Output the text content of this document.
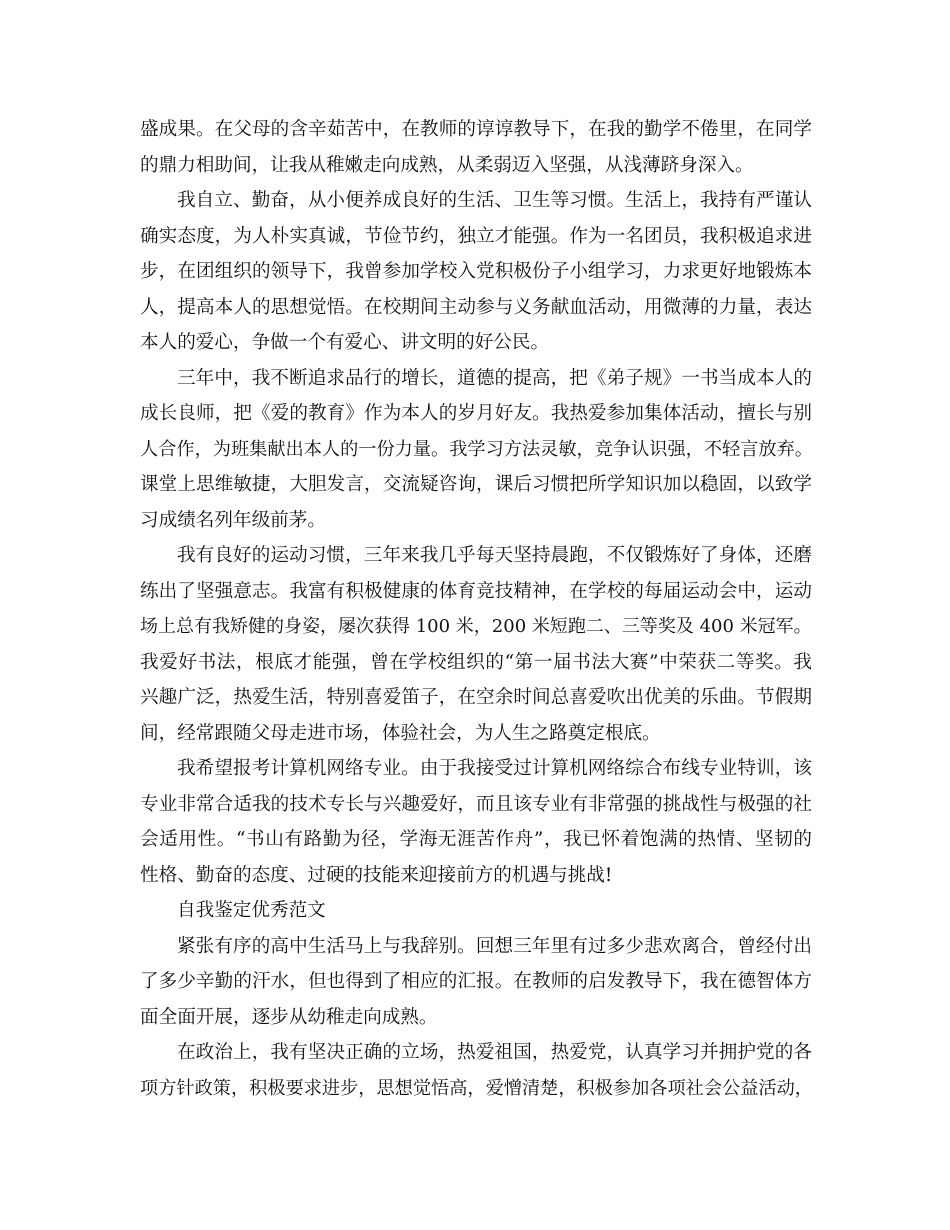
盛成果。在父母的含辛茹苦中，在教师的谆谆教导下，在我的勤学不倦里，在同学
的鼎力相助间，让我从稚嫩走向成熟，从柔弱迈入坚强，从浅薄跻身深入。
我自立、勤奋，从小便养成良好的生活、卫生等习惯。生活上，我持有严谨认
确实态度，为人朴实真诚，节俭节约，独立才能强。作为一名团员，我积极追求进
步，在团组织的领导下，我曾参加学校入党积极份子小组学习，力求更好地锻炼本
人，提高本人的思想觉悟。在校期间主动参与义务献血活动，用微薄的力量，表达
本人的爱心，争做一个有爱心、讲文明的好公民。
三年中，我不断追求品行的增长，道德的提高，把《弟子规》一书当成本人的
成长良师，把《爱的教育》作为本人的岁月好友。我热爱参加集体活动，擅长与别
人合作，为班集献出本人的一份力量。我学习方法灵敏，竞争认识强，不轻言放弃。
课堂上思维敏捷，大胆发言，交流疑咨询，课后习惯把所学知识加以稳固，以致学
习成绩名列年级前茅。
我有良好的运动习惯，三年来我几乎每天坚持晨跑，不仅锻炼好了身体，还磨
练出了坚强意志。我富有积极健康的体育竞技精神，在学校的每届运动会中，运动
场上总有我矫健的身姿，屡次获得 100 米，200 米短跑二、三等奖及 400 米冠军。
我爱好书法，根底才能强，曾在学校组织的“第一届书法大赛”中荣获二等奖。我
兴趣广泛，热爱生活，特别喜爱笛子，在空余时间总喜爱吹出优美的乐曲。节假期
间，经常跟随父母走进市场，体验社会，为人生之路奠定根底。
我希望报考计算机网络专业。由于我接受过计算机网络综合布线专业特训，该
专业非常合适我的技术专长与兴趣爱好，而且该专业有非常强的挑战性与极强的社
会适用性。“书山有路勤为径，学海无涯苦作舟”，我已怀着饱满的热情、坚韧的
性格、勤奋的态度、过硬的技能来迎接前方的机遇与挑战!
自我鉴定优秀范文
紧张有序的高中生活马上与我辞别。回想三年里有过多少悲欢离合，曾经付出
了多少辛勤的汗水，但也得到了相应的汇报。在教师的启发教导下，我在德智体方
面全面开展，逐步从幼稚走向成熟。
在政治上，我有坚决正确的立场，热爱祖国，热爱党，认真学习并拥护党的各
项方针政策，积极要求进步，思想觉悟高，爱憎清楚，积极参加各项社会公益活动，
